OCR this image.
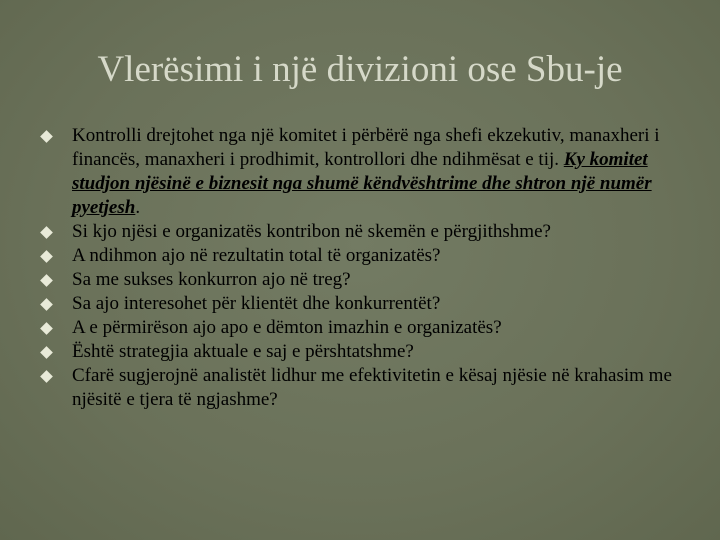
Vlerësimi i një divizioni ose Sbu-je
Kontrolli drejtohet nga një komitet i përbërë nga shefi ekzekutiv, manaxheri i financës, manaxheri i prodhimit, kontrollori dhe ndihmësat e tij. Ky komitet studjon njësinë e biznesit nga shumë këndvështrime dhe shtron një numër pyetjesh.
Si kjo njësi e organizatës kontribon në skemën e përgjithshme?
A ndihmon ajo në rezultatin total të organizatës?
Sa me sukses konkurron ajo në treg?
Sa ajo interesohet për klientët dhe konkurrentët?
A e përmirëson ajo apo e dëmton imazhin e organizatës?
Është strategjia aktuale e saj e përshtatshme?
Cfarë sugjerojnë analistët lidhur me efektivitetin e kësaj njësie në krahasim me njësitë e tjera të ngjashme?
